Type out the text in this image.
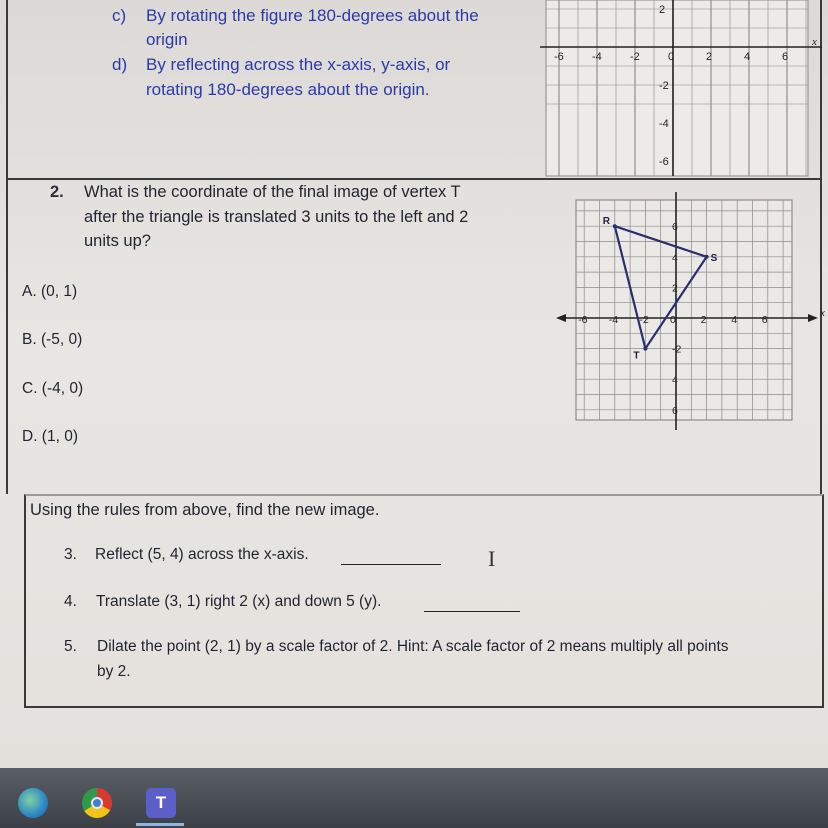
c) By rotating the figure 180-degrees about the
origin
d) By reflecting across the x-axis, y-axis, or
rotating 180-degrees about the origin.
-6	-4	-2	0	2	4	6
2
-2
-4
-6
x
2. What is the coordinate of the final image of vertex T
after the triangle is translated 3 units to the left and 2
units up?
A. (0, 1)
B. (-5, 0)
C. (-4, 0)
D. (1, 0)
-6 -4 -2 0 2 4 6
6
4
2
-2
4
6
x
R
S
T
Using the rules from above, find the new image.
3. Reflect (5, 4) across the x-axis.	I
4. Translate (3, 1) right 2 (x) and down 5 (y).
5. Dilate the point (2, 1) by a scale factor of 2. Hint: A scale factor of 2 means multiply all points
by 2.
T
